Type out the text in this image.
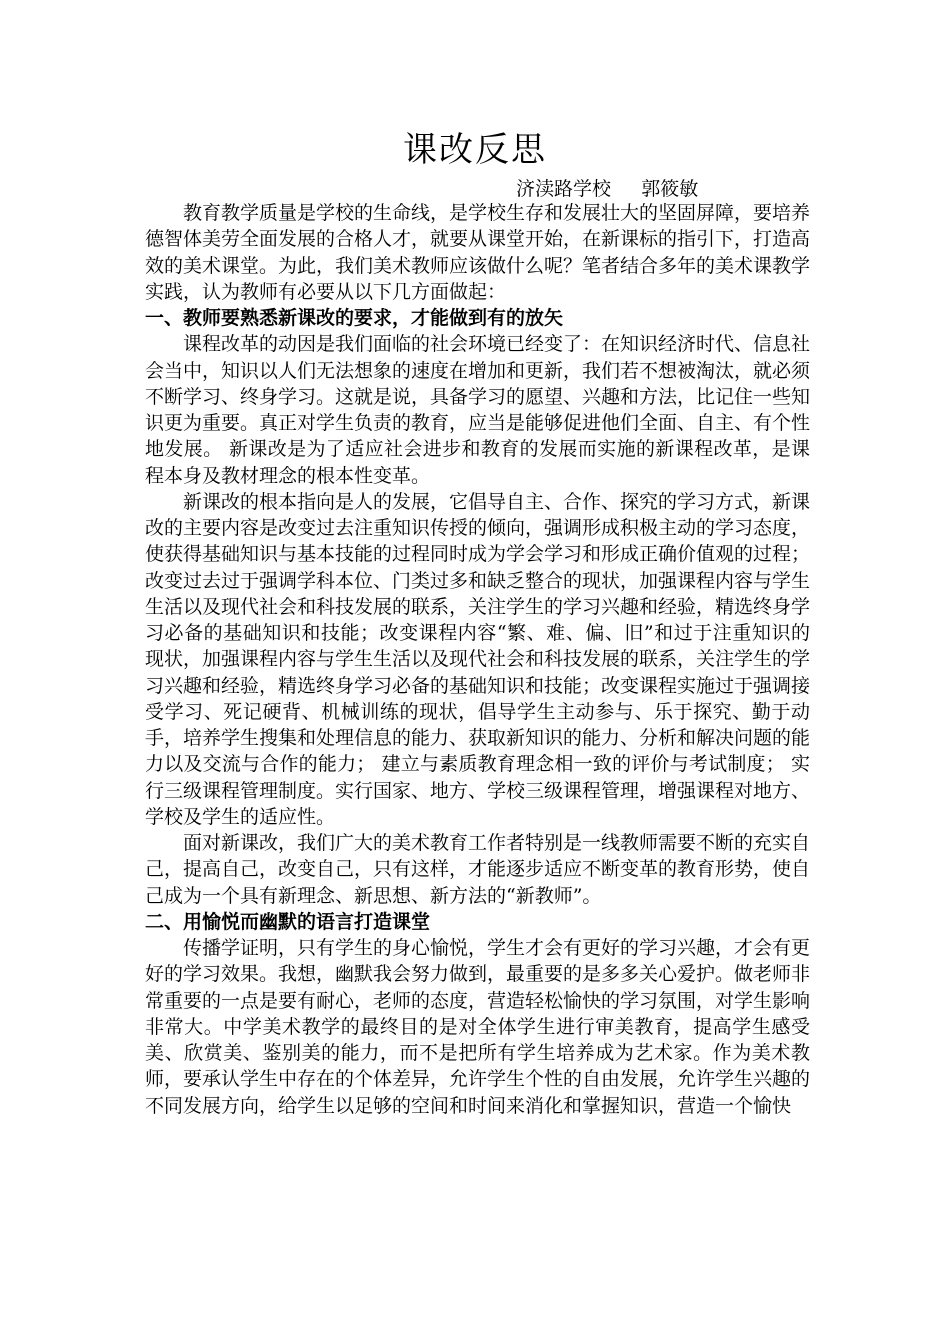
课改反思
济渎路学校     郭筱敏

教育教学质量是学校的生命线，是学校生存和发展壮大的坚固屏障，要培养德智体美劳全面发展的合格人才，就要从课堂开始，在新课标的指引下，打造高效的美术课堂。为此，我们美术教师应该做什么呢？笔者结合多年的美术课教学实践，认为教师有必要从以下几方面做起：

一、教师要熟悉新课改的要求，才能做到有的放矢

课程改革的动因是我们面临的社会环境已经变了：在知识经济时代、信息社会当中，知识以人们无法想象的速度在增加和更新，我们若不想被淘汰，就必须不断学习、终身学习。这就是说，具备学习的愿望、兴趣和方法，比记住一些知识更为重要。真正对学生负责的教育，应当是能够促进他们全面、自主、有个性地发展。 新课改是为了适应社会进步和教育的发展而实施的新课程改革，是课程本身及教材理念的根本性变革。

新课改的根本指向是人的发展，它倡导自主、合作、探究的学习方式，新课改的主要内容是改变过去注重知识传授的倾向，强调形成积极主动的学习态度，使获得基础知识与基本技能的过程同时成为学会学习和形成正确价值观的过程；改变过去过于强调学科本位、门类过多和缺乏整合的现状，加强课程内容与学生生活以及现代社会和科技发展的联系，关注学生的学习兴趣和经验，精选终身学习必备的基础知识和技能；改变课程内容“繁、难、偏、旧”和过于注重知识的现状，加强课程内容与学生生活以及现代社会和科技发展的联系，关注学生的学习兴趣和经验，精选终身学习必备的基础知识和技能；改变课程实施过于强调接受学习、死记硬背、机械训练的现状，倡导学生主动参与、乐于探究、勤于动手，培养学生搜集和处理信息的能力、获取新知识的能力、分析和解决问题的能力以及交流与合作的能力； 建立与素质教育理念相一致的评价与考试制度； 实行三级课程管理制度。实行国家、地方、学校三级课程管理，增强课程对地方、学校及学生的适应性。

面对新课改，我们广大的美术教育工作者特别是一线教师需要不断的充实自己，提高自己，改变自己，只有这样，才能逐步适应不断变革的教育形势，使自己成为一个具有新理念、新思想、新方法的“新教师”。

二、用愉悦而幽默的语言打造课堂

传播学证明，只有学生的身心愉悦，学生才会有更好的学习兴趣，才会有更好的学习效果。我想，幽默我会努力做到，最重要的是多多关心爱护。做老师非常重要的一点是要有耐心，老师的态度，营造轻松愉快的学习氛围，对学生影响非常大。中学美术教学的最终目的是对全体学生进行审美教育，提高学生感受美、欣赏美、鉴别美的能力，而不是把所有学生培养成为艺术家。作为美术教师，要承认学生中存在的个体差异，允许学生个性的自由发展，允许学生兴趣的不同发展方向，给学生以足够的空间和时间来消化和掌握知识，营造一个愉快
